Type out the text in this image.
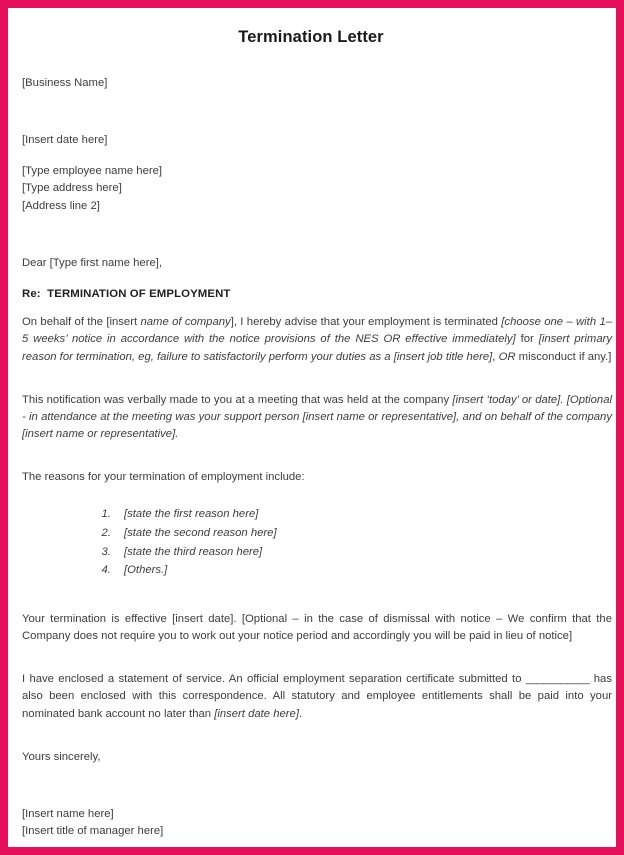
Termination Letter
[Business Name]
[Insert date here]
[Type employee name here]
[Type address here]
[Address line 2]
Dear [Type first name here],
Re:  TERMINATION OF EMPLOYMENT

On behalf of the [insert name of company], I hereby advise that your employment is terminated [choose one – with 1–5 weeks’ notice in accordance with the notice provisions of the NES OR effective immediately] for [insert primary reason for termination, eg, failure to satisfactorily perform your duties as a [insert job title here], OR misconduct if any.]

This notification was verbally made to you at a meeting that was held at the company [insert ‘today’ or date]. [Optional - in attendance at the meeting was your support person [insert name or representative], and on behalf of the company [insert name or representative].

The reasons for your termination of employment include:

1. [state the first reason here]
2. [state the second reason here]
3. [state the third reason here]
4. [Others.]

Your termination is effective [insert date]. [Optional – in the case of dismissal with notice – We confirm that the Company does not require you to work out your notice period and accordingly you will be paid in lieu of notice]

I have enclosed a statement of service. An official employment separation certificate submitted to ___________ has also been enclosed with this correspondence. All statutory and employee entitlements shall be paid into your nominated bank account no later than [insert date here].

Yours sincerely,
[Insert name here]
[Insert title of manager here]
